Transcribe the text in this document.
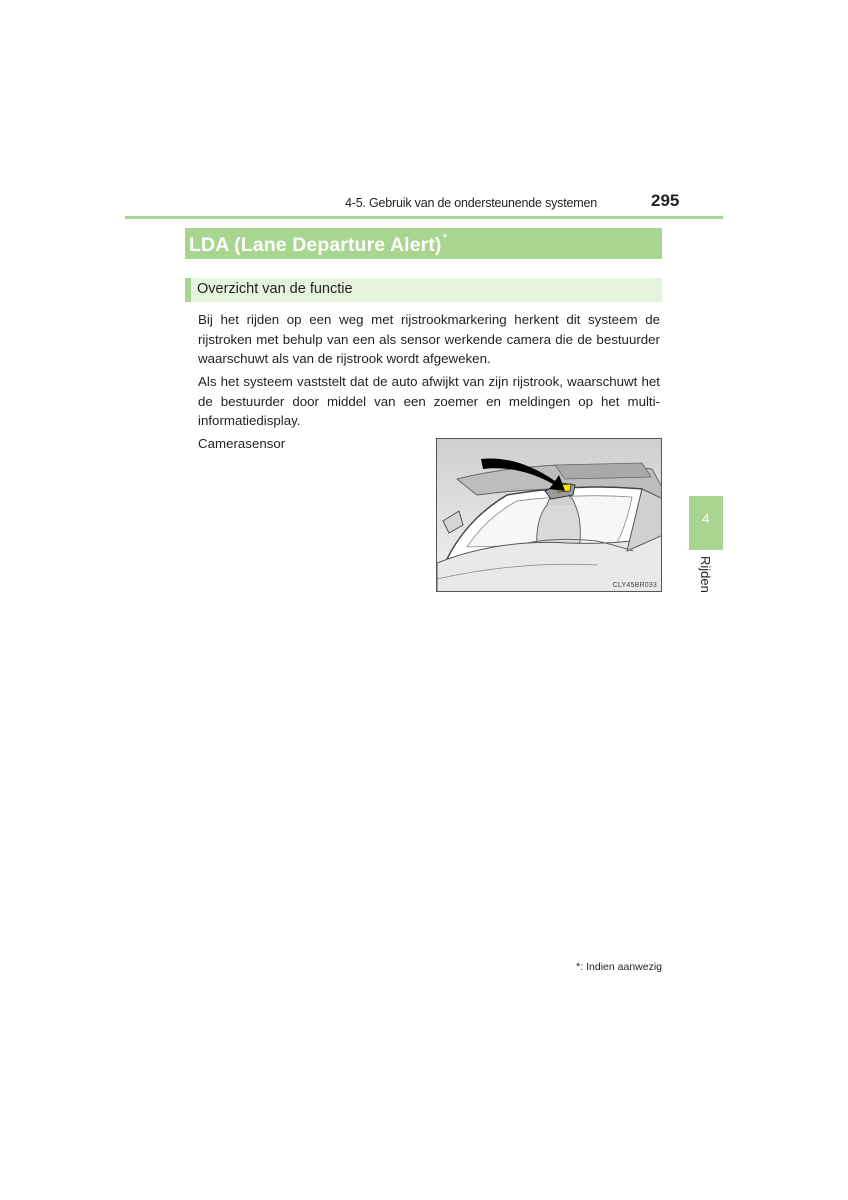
4-5. Gebruik van de ondersteunende systemen	295
LDA (Lane Departure Alert)*
Overzicht van de functie

Bij het rijden op een weg met rijstrookmarkering herkent dit systeem de rijstroken met behulp van een als sensor werkende camera die de bestuurder waarschuwt als van de rijstrook wordt afgeweken.

Als het systeem vaststelt dat de auto afwijkt van zijn rijstrook, waarschuwt het de bestuurder door middel van een zoemer en meldingen op het multi-informatiedisplay.

Camerasensor
CLY45BR033
4
Rijden
*: Indien aanwezig
